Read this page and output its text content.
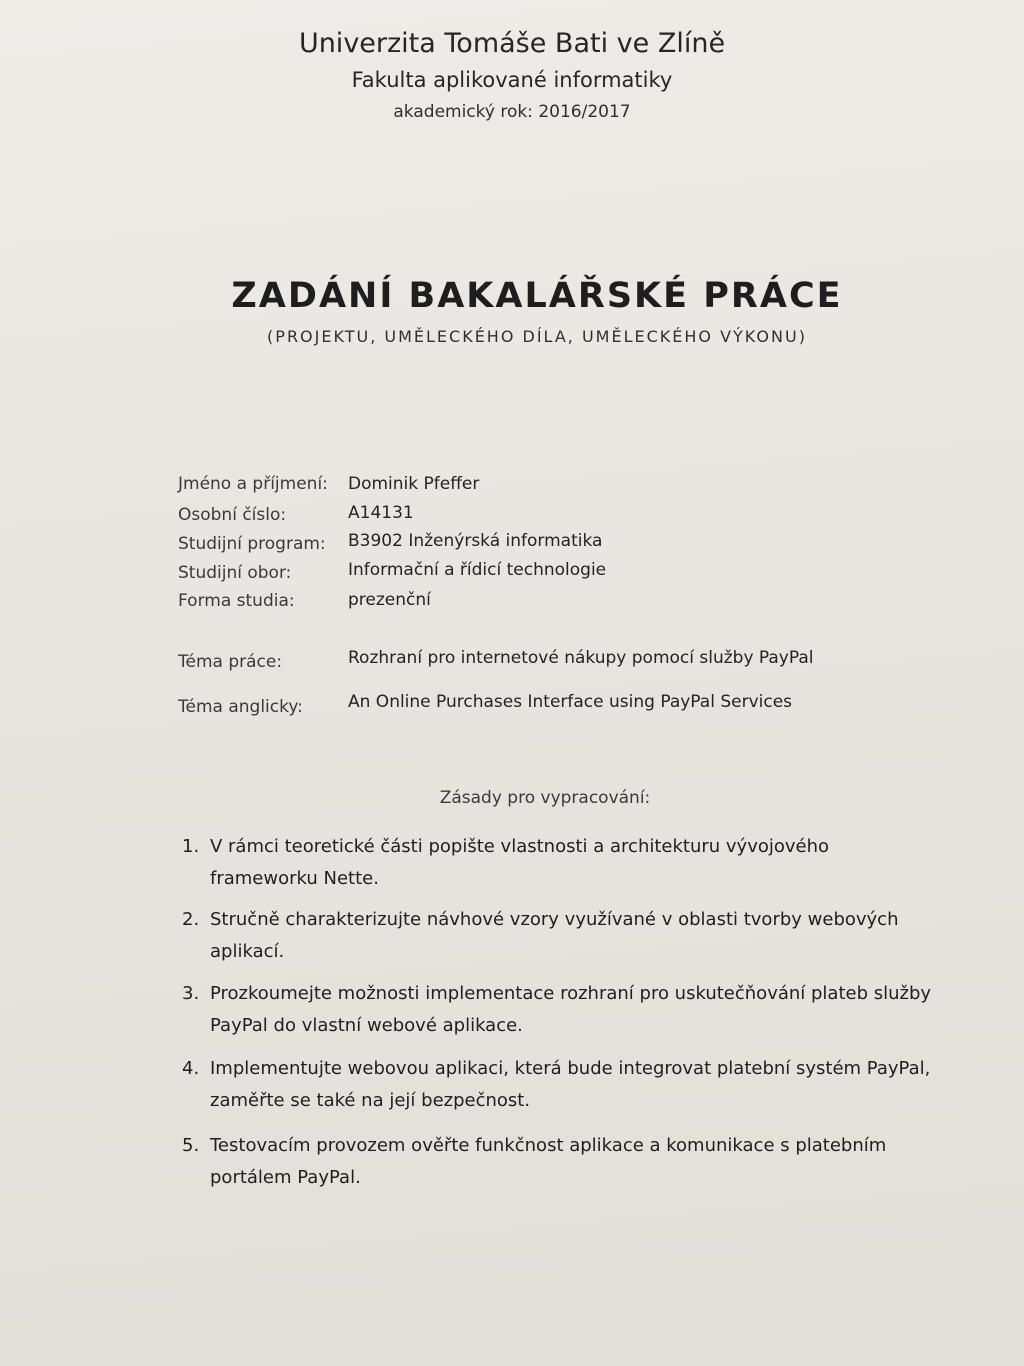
Univerzita Tomáše Bati ve Zlíně
Fakulta aplikované informatiky
akademický rok: 2016/2017
ZADÁNÍ BAKALÁŘSKÉ PRÁCE
(PROJEKTU, UMĚLECKÉHO DÍLA, UMĚLECKÉHO VÝKONU)
Jméno a příjmení: Dominik Pfeffer
Osobní číslo:	A14131
Studijní program: B3902 Inženýrská informatika
Studijní obor:	Informační a řídicí technologie
Forma studia:	prezenční
Téma práce:	Rozhraní pro internetové nákupy pomocí služby PayPal
Téma anglicky:	An Online Purchases Interface using PayPal Services
Zásady pro vypracování:
1. V rámci teoretické části popište vlastnosti a architekturu vývojového frameworku Nette.
2. Stručně charakterizujte návhové vzory využívané v oblasti tvorby webových aplikací.
3. Prozkoumejte možnosti implementace rozhraní pro uskutečňování plateb služby PayPal do vlastní webové aplikace.
4. Implementujte webovou aplikaci, která bude integrovat platební systém PayPal, zaměřte se také na její bezpečnost.
5. Testovacím provozem ověřte funkčnost aplikace a komunikace s platebním portálem PayPal.
